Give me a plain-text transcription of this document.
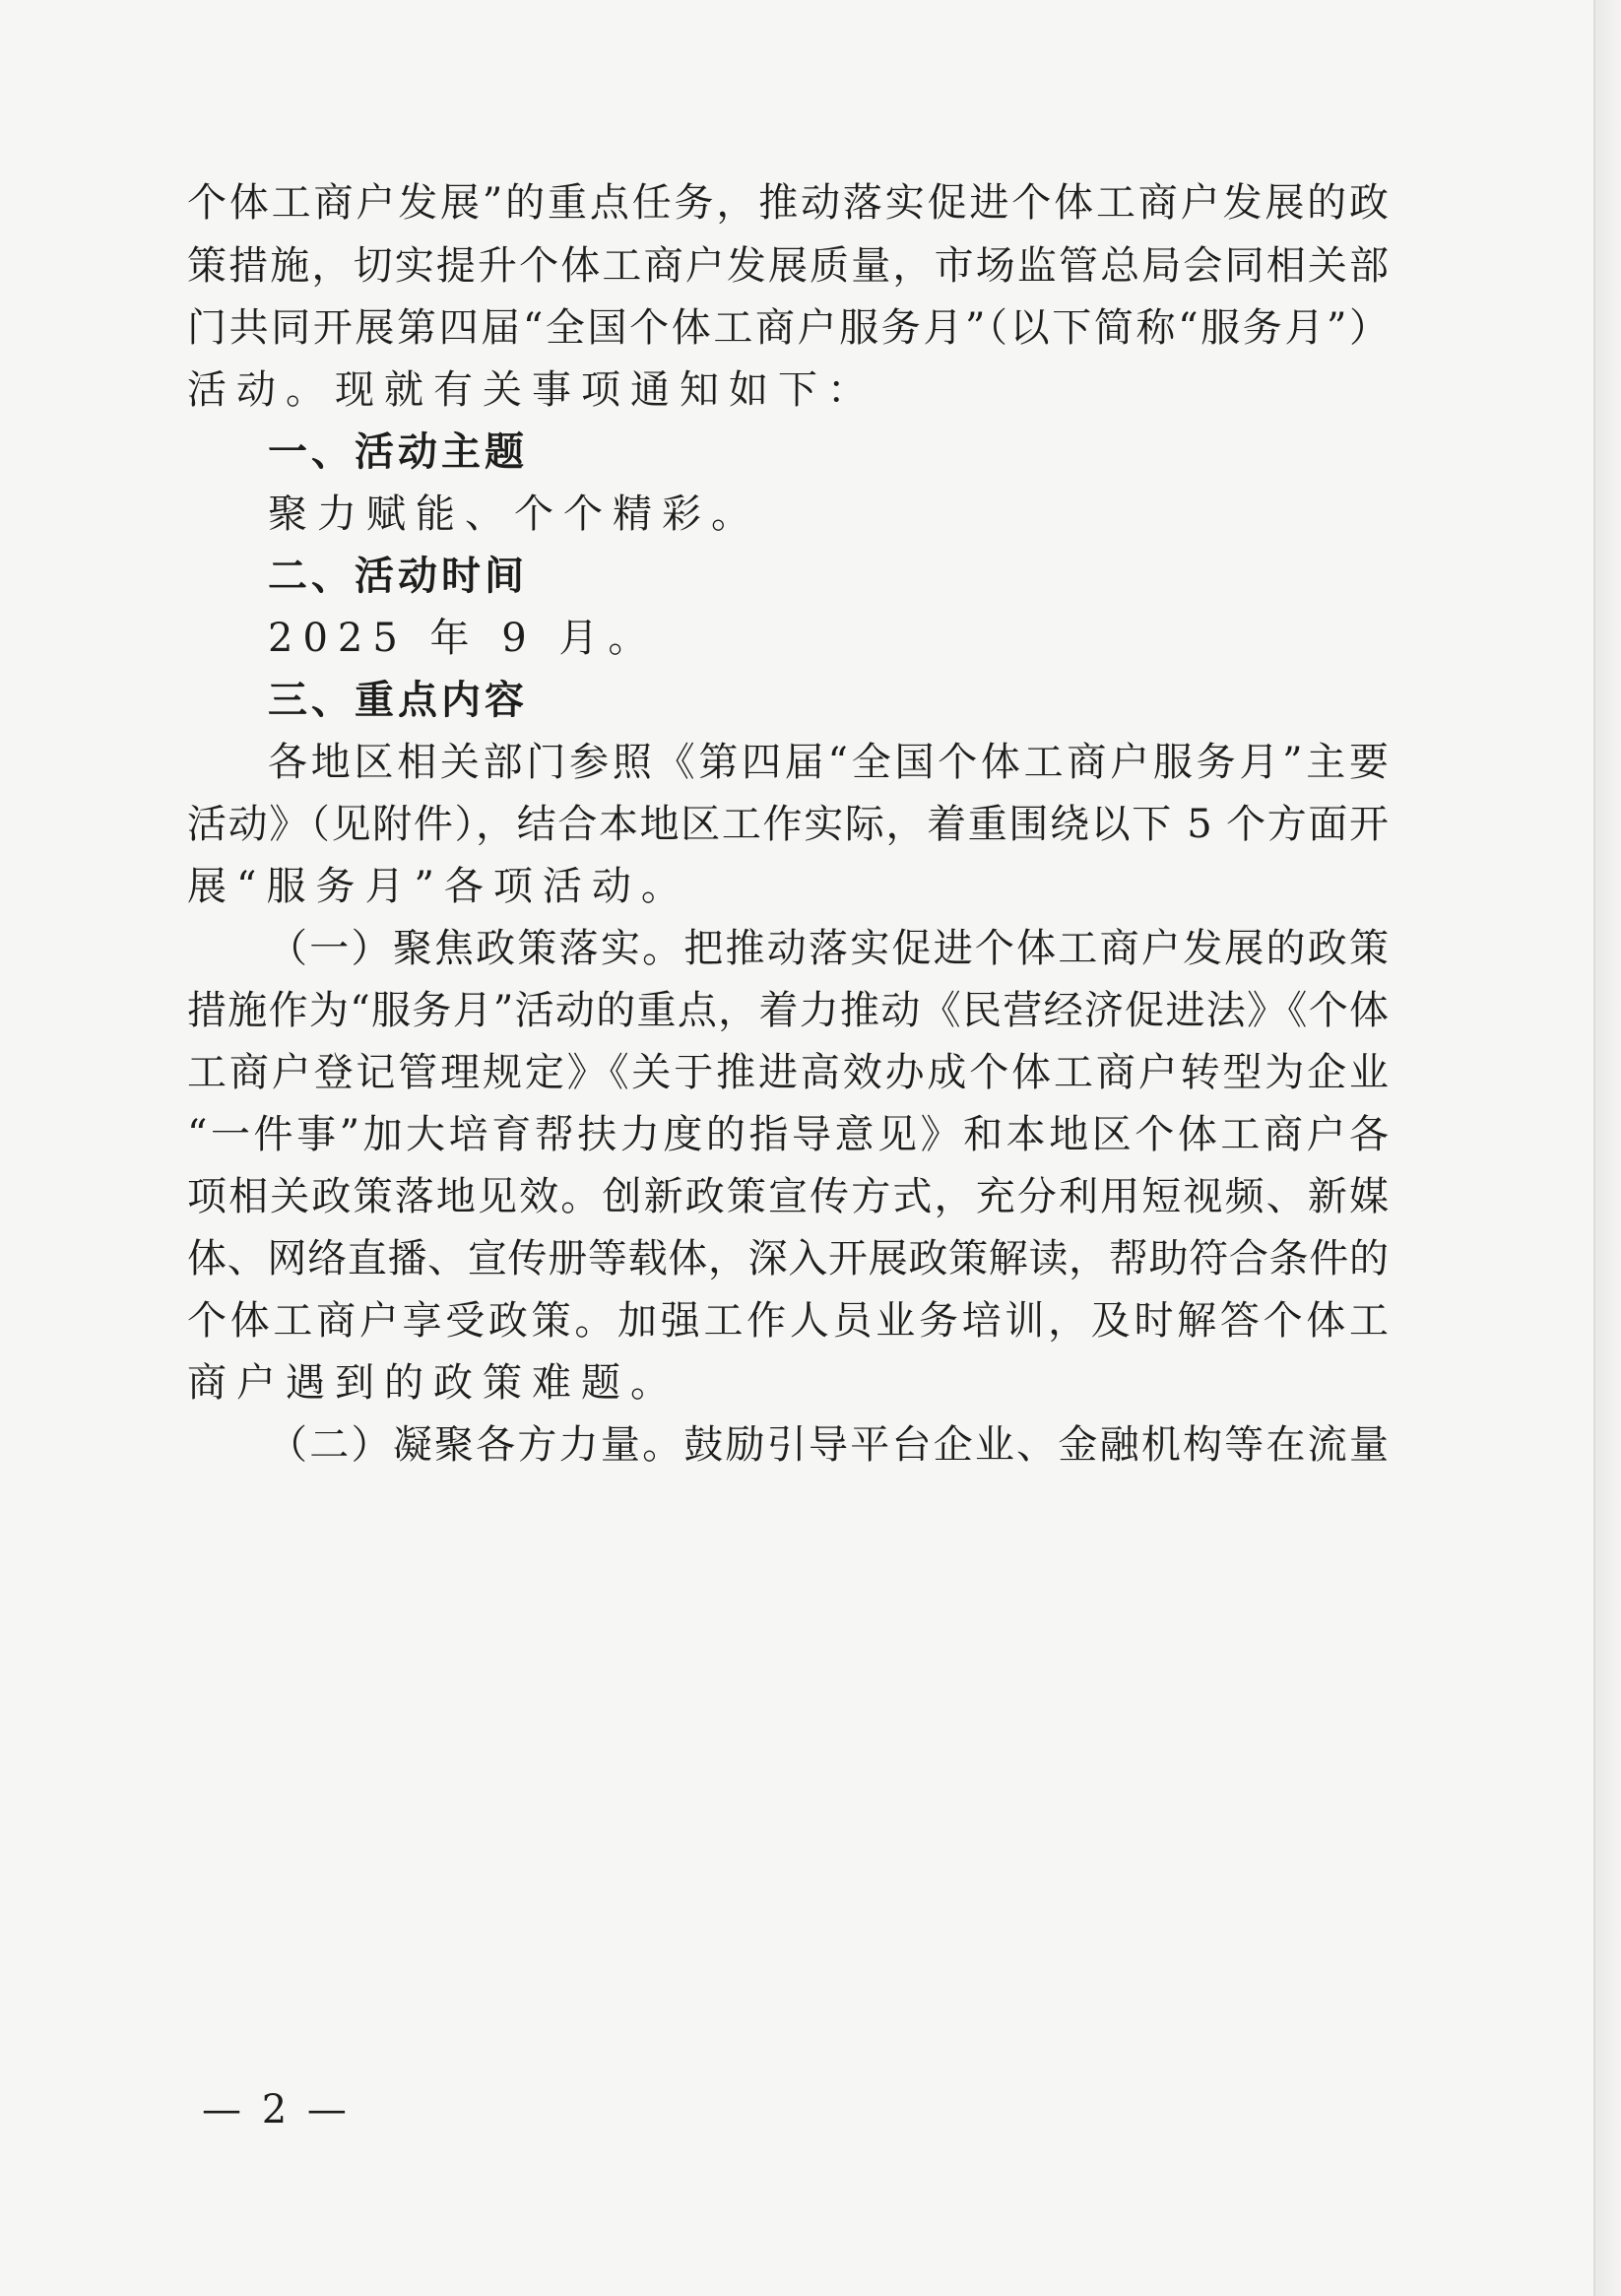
个体工商户发展”的重点任务，推动落实促进个体工商户发展的政
策措施，切实提升个体工商户发展质量，市场监管总局会同相关部
门共同开展第四届“全国个体工商户服务月”（以下简称“服务月”）
活动。现就有关事项通知如下：
一、活动主题
聚力赋能、个个精彩。
二、活动时间
2025 年 9 月。
三、重点内容
各地区相关部门参照《第四届“全国个体工商户服务月”主要
活动》（见附件），结合本地区工作实际，着重围绕以下 5 个方面开
展“服务月”各项活动。
（一）聚焦政策落实。把推动落实促进个体工商户发展的政策
措施作为“服务月”活动的重点，着力推动《民营经济促进法》《个体
工商户登记管理规定》《关于推进高效办成个体工商户转型为企业
“一件事”加大培育帮扶力度的指导意见》和本地区个体工商户各
项相关政策落地见效。创新政策宣传方式，充分利用短视频、新媒
体、网络直播、宣传册等载体，深入开展政策解读，帮助符合条件的
个体工商户享受政策。加强工作人员业务培训，及时解答个体工
商户遇到的政策难题。
（二）凝聚各方力量。鼓励引导平台企业、金融机构等在流量
— 2 —
